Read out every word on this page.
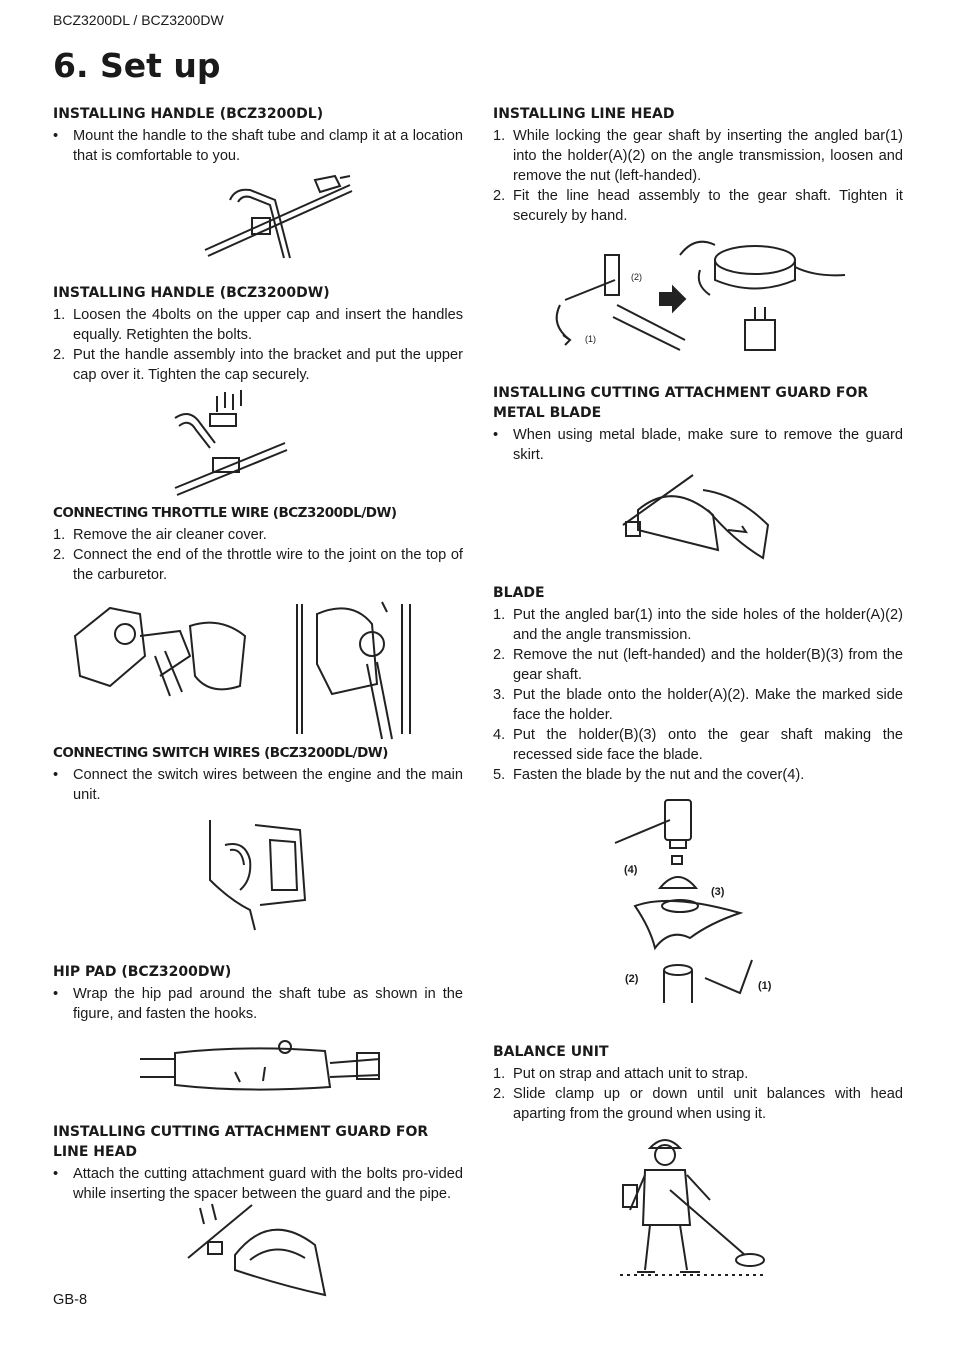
BCZ3200DL / BCZ3200DW
6. Set up
INSTALLING HANDLE (BCZ3200DL)
• Mount the handle to the shaft tube and clamp it at a location that is comfortable to you.
INSTALLING HANDLE (BCZ3200DW)
1. Loosen the 4bolts on the upper cap and insert the handles equally. Retighten the bolts.
2. Put the handle assembly into the bracket and put the upper cap over it. Tighten the cap securely.
CONNECTING THROTTLE WIRE (BCZ3200DL/DW)
1. Remove the air cleaner cover.
2. Connect the end of the throttle wire to the joint on the top of the carburetor.
CONNECTING SWITCH WIRES (BCZ3200DL/DW)
• Connect the switch wires between the engine and the main unit.
HIP PAD (BCZ3200DW)
• Wrap the hip pad around the shaft tube as shown in the figure, and fasten the hooks.
INSTALLING CUTTING ATTACHMENT GUARD FOR LINE HEAD
• Attach the cutting attachment guard with the bolts pro-vided while inserting the spacer between the guard and the pipe.
GB-8
INSTALLING LINE HEAD
1. While locking the gear shaft by inserting the angled bar(1) into the holder(A)(2) on the angle transmission, loosen and remove the nut (left-handed).
2. Fit the line head assembly to the gear shaft. Tighten it securely by hand.
(2)
(1)
INSTALLING CUTTING ATTACHMENT GUARD FOR METAL BLADE
• When using metal blade, make sure to remove the guard skirt.
BLADE
1. Put the angled bar(1) into the side holes of the holder(A)(2) and the angle transmission.
2. Remove the nut (left-handed) and the holder(B)(3) from the gear shaft.
3. Put the blade onto the holder(A)(2). Make the marked side face the holder.
4. Put the holder(B)(3) onto the gear shaft making the recessed side face the blade.
5. Fasten the blade by the nut and the cover(4).
(4)
(3)
(2)
(1)
BALANCE UNIT
1. Put on strap and attach unit to strap.
2. Slide clamp up or down until unit balances with head aparting from the ground when using it.
